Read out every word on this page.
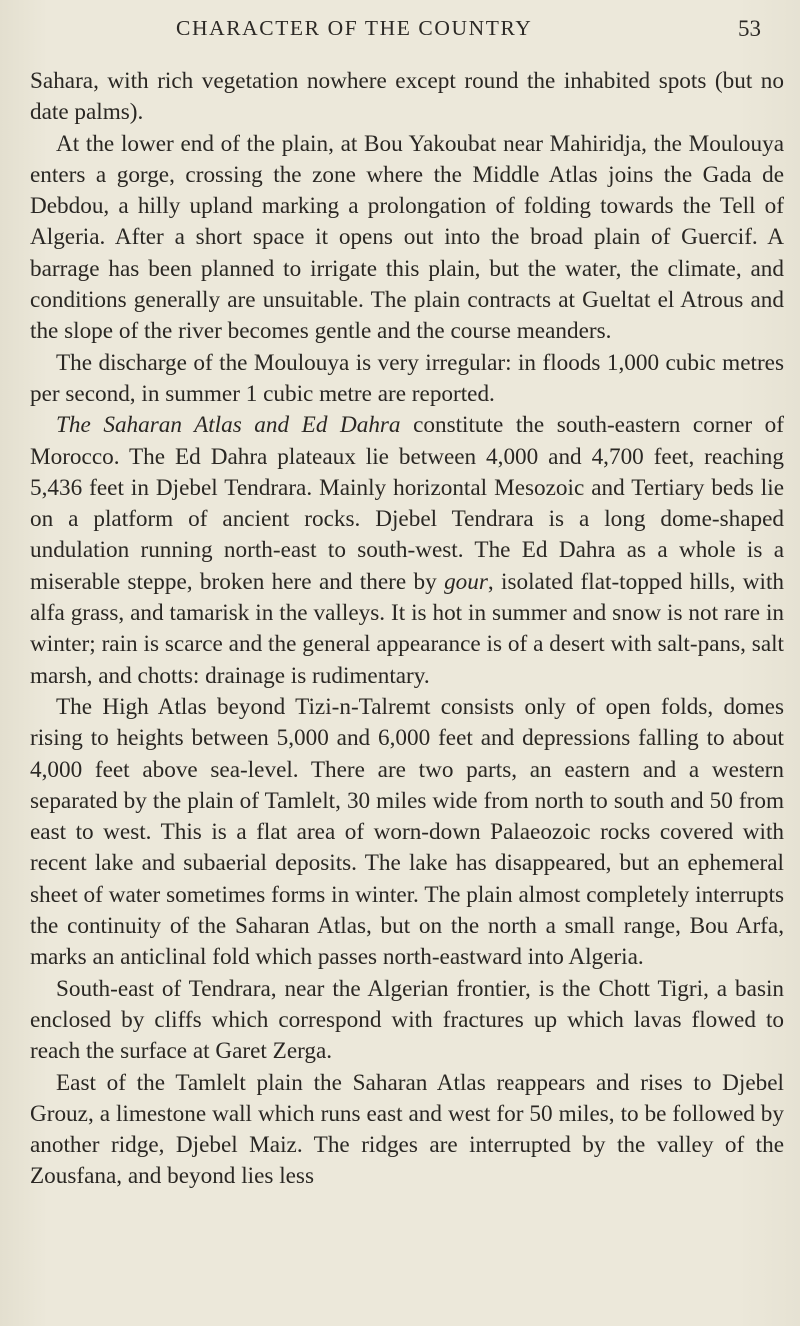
CHARACTER OF THE COUNTRY	53

Sahara, with rich vegetation nowhere except round the inhabited spots (but no date palms).

At the lower end of the plain, at Bou Yakoubat near Mahiridja, the Moulouya enters a gorge, crossing the zone where the Middle Atlas joins the Gada de Debdou, a hilly upland marking a prolongation of folding towards the Tell of Algeria. After a short space it opens out into the broad plain of Guercif. A barrage has been planned to irrigate this plain, but the water, the climate, and conditions generally are unsuitable. The plain contracts at Gueltat el Atrous and the slope of the river becomes gentle and the course meanders.

The discharge of the Moulouya is very irregular: in floods 1,000 cubic metres per second, in summer 1 cubic metre are reported.

The Saharan Atlas and Ed Dahra constitute the south-eastern corner of Morocco. The Ed Dahra plateaux lie between 4,000 and 4,700 feet, reaching 5,436 feet in Djebel Tendrara. Mainly horizontal Mesozoic and Tertiary beds lie on a platform of ancient rocks. Djebel Tendrara is a long dome-shaped undulation running north-east to south-west. The Ed Dahra as a whole is a miserable steppe, broken here and there by gour, isolated flat-topped hills, with alfa grass, and tamarisk in the valleys. It is hot in summer and snow is not rare in winter; rain is scarce and the general appearance is of a desert with salt-pans, salt marsh, and chotts: drainage is rudimentary.

The High Atlas beyond Tizi-n-Talremt consists only of open folds, domes rising to heights between 5,000 and 6,000 feet and depressions falling to about 4,000 feet above sea-level. There are two parts, an eastern and a western separated by the plain of Tamlelt, 30 miles wide from north to south and 50 from east to west. This is a flat area of worn-down Palaeozoic rocks covered with recent lake and subaerial deposits. The lake has disappeared, but an ephemeral sheet of water sometimes forms in winter. The plain almost completely interrupts the continuity of the Saharan Atlas, but on the north a small range, Bou Arfa, marks an anticlinal fold which passes north-eastward into Algeria.

South-east of Tendrara, near the Algerian frontier, is the Chott Tigri, a basin enclosed by cliffs which correspond with fractures up which lavas flowed to reach the surface at Garet Zerga.

East of the Tamlelt plain the Saharan Atlas reappears and rises to Djebel Grouz, a limestone wall which runs east and west for 50 miles, to be followed by another ridge, Djebel Maiz. The ridges are interrupted by the valley of the Zousfana, and beyond lies less
